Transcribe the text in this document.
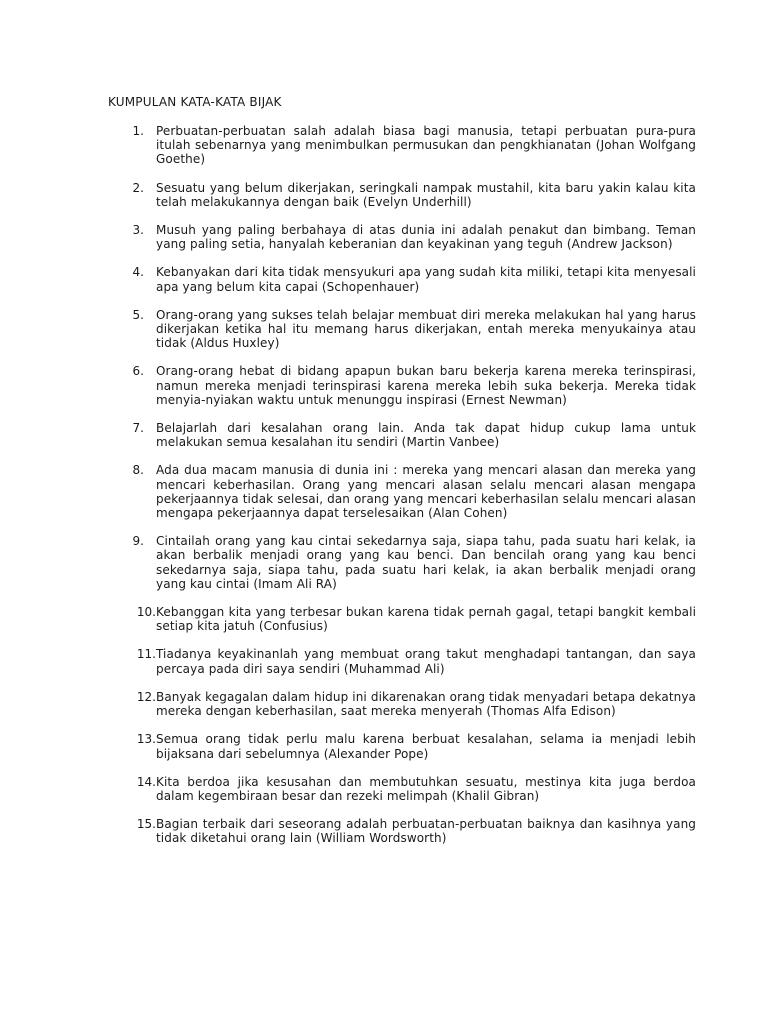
KUMPULAN KATA-KATA BIJAK
1.	Perbuatan-perbuatan salah adalah biasa bagi manusia, tetapi perbuatan pura-pura itulah sebenarnya yang menimbulkan permusukan dan pengkhianatan (Johan Wolfgang Goethe)
2.	Sesuatu yang belum dikerjakan, seringkali nampak mustahil, kita baru yakin kalau kita telah melakukannya dengan baik (Evelyn Underhill)
3.	Musuh yang paling berbahaya di atas dunia ini adalah penakut dan bimbang. Teman yang paling setia, hanyalah keberanian dan keyakinan yang teguh (Andrew Jackson)
4.	Kebanyakan dari kita tidak mensyukuri apa yang sudah kita miliki, tetapi kita menyesali apa yang belum kita capai (Schopenhauer)
5.	Orang-orang yang sukses telah belajar membuat diri mereka melakukan hal yang harus dikerjakan ketika hal itu memang harus dikerjakan, entah mereka menyukainya atau tidak (Aldus Huxley)
6.	Orang-orang hebat di bidang apapun bukan baru bekerja karena mereka terinspirasi, namun mereka menjadi terinspirasi karena mereka lebih suka bekerja. Mereka tidak menyia-nyiakan waktu untuk menunggu inspirasi (Ernest Newman)
7.	Belajarlah dari kesalahan orang lain. Anda tak dapat hidup cukup lama untuk melakukan semua kesalahan itu sendiri (Martin Vanbee)
8.	Ada dua macam manusia di dunia ini : mereka yang mencari alasan dan mereka yang mencari keberhasilan. Orang yang mencari alasan selalu mencari alasan mengapa pekerjaannya tidak selesai, dan orang yang mencari keberhasilan selalu mencari alasan mengapa pekerjaannya dapat terselesaikan (Alan Cohen)
9.	Cintailah orang yang kau cintai sekedarnya saja, siapa tahu, pada suatu hari kelak, ia akan berbalik menjadi orang yang kau benci. Dan bencilah orang yang kau benci sekedarnya saja, siapa tahu, pada suatu hari kelak, ia akan berbalik menjadi orang yang kau cintai (Imam Ali RA)
10. Kebanggan kita yang terbesar bukan karena tidak pernah gagal, tetapi bangkit kembali setiap kita jatuh (Confusius)
11. Tiadanya keyakinanlah yang membuat orang takut menghadapi tantangan, dan saya percaya pada diri saya sendiri (Muhammad Ali)
12. Banyak kegagalan dalam hidup ini dikarenakan orang tidak menyadari betapa dekatnya mereka dengan keberhasilan, saat mereka menyerah (Thomas Alfa Edison)
13. Semua orang tidak perlu malu karena berbuat kesalahan, selama ia menjadi lebih bijaksana dari sebelumnya (Alexander Pope)
14. Kita berdoa jika kesusahan dan membutuhkan sesuatu, mestinya kita juga berdoa dalam kegembiraan besar dan rezeki melimpah (Khalil Gibran)
15. Bagian terbaik dari seseorang adalah perbuatan-perbuatan baiknya dan kasihnya yang tidak diketahui orang lain (William Wordsworth)
